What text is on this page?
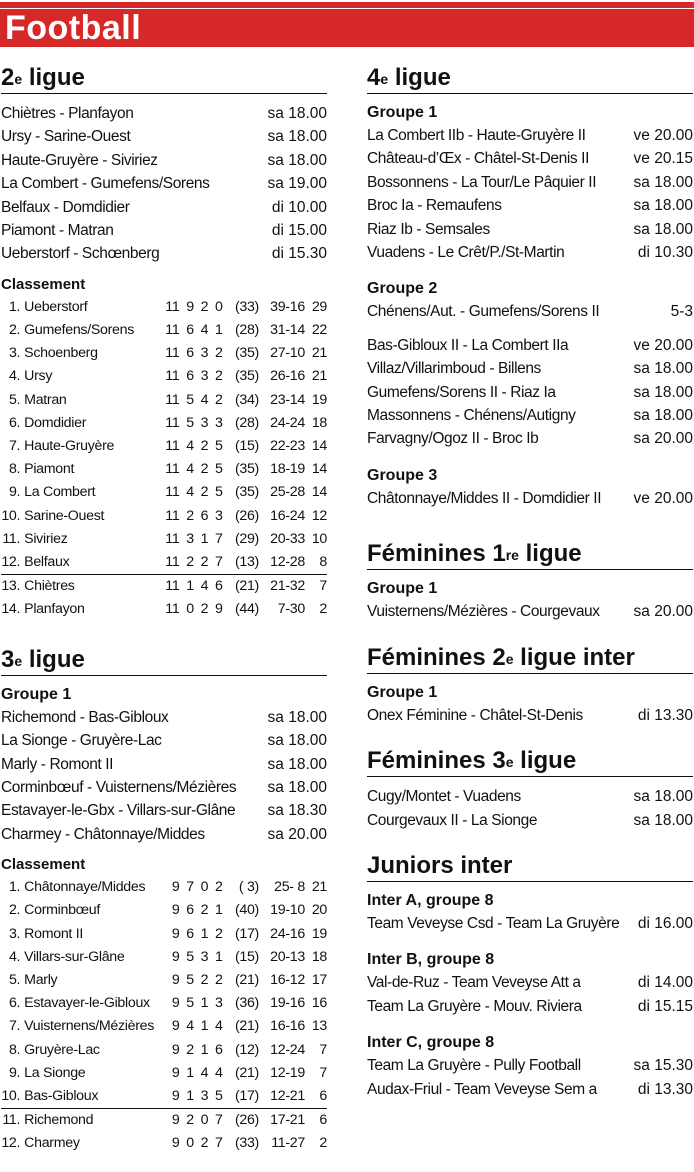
Football
2e ligue
Chiètres - Planfayon	sa 18.00
Ursy - Sarine-Ouest	sa 18.00
Haute-Gruyère - Siviriez	sa 18.00
La Combert - Gumefens/Sorens	sa 19.00
Belfaux - Domdidier	di 10.00
Piamont - Matran	di 15.00
Ueberstorf - Schœnberg	di 15.30
Classement
1. Ueberstorf	11 9 2 0 (33) 39-16 29
2. Gumefens/Sorens	11 6 4 1 (28) 31-14 22
3. Schoenberg	11 6 3 2 (35) 27-10 21
4. Ursy	11 6 3 2 (35) 26-16 21
5. Matran	11 5 4 2 (34) 23-14 19
6. Domdidier	11 5 3 3 (28) 24-24 18
7. Haute-Gruyère	11 4 2 5 (15) 22-23 14
8. Piamont	11 4 2 5 (35) 18-19 14
9. La Combert	11 4 2 5 (35) 25-28 14
10. Sarine-Ouest	11 2 6 3 (26) 16-24 12
11. Siviriez	11 3 1 7 (29) 20-33 10
12. Belfaux	11 2 2 7 (13) 12-28	8
13. Chiètres	11 1 4 6 (21) 21-32	7
14. Planfayon	11 0 2 9 (44)	7-30	2
3e ligue
Groupe 1
Richemond - Bas-Gibloux	sa 18.00
La Sionge - Gruyère-Lac	sa 18.00
Marly - Romont II	sa 18.00
Corminbœuf - Vuisternens/Mézières sa 18.00
Estavayer-le-Gbx - Villars-sur-Glâne sa 18.30
Charmey - Châtonnaye/Middes	sa 20.00
Classement
1. Châtonnaye/Middes	9 7 0 2	( 3)	25- 8 21
2. Corminbœuf	9 6 2 1 (40) 19-10 20
3. Romont II	9 6 1 2 (17) 24-16 19
4. Villars-sur-Glâne	9 5 3 1 (15) 20-13 18
5. Marly	9 5 2 2 (21) 16-12 17
6. Estavayer-le-Gibloux	9 5 1 3 (36) 19-16 16
7. Vuisternens/Mézières	9 4 1 4 (21) 16-16 13
8. Gruyère-Lac	9 2 1 6 (12) 12-24	7
9. La Sionge	9 1 4 4 (21) 12-19	7
10. Bas-Gibloux	9 1 3 5 (17) 12-21	6
11. Richemond	9 2 0 7 (26) 17-21	6
12. Charmey	9 0 2 7 (33) 11-27	2
4e ligue
Groupe 1
La Combert IIb - Haute-Gruyère II	ve 20.00
Château-d’Œx - Châtel-St-Denis II	ve 20.15
Bossonnens - La Tour/Le Pâquier II sa 18.00
Broc Ia - Remaufens	sa 18.00
Riaz Ib - Semsales	sa 18.00
Vuadens - Le Crêt/P./St-Martin	di 10.30
Groupe 2
Chénens/Aut. - Gumefens/Sorens II	5-3
Bas-Gibloux II - La Combert IIa	ve 20.00
Villaz/Villarimboud - Billens	sa 18.00
Gumefens/Sorens II - Riaz Ia	sa 18.00
Massonnens - Chénens/Autigny	sa 18.00
Farvagny/Ogoz II - Broc Ib	sa 20.00
Groupe 3
Châtonnaye/Middes II - Domdidier II ve 20.00
Féminines 1re ligue
Groupe 1
Vuisternens/Mézières - Courgevaux sa 20.00
Féminines 2e ligue inter
Groupe 1
Onex Féminine - Châtel-St-Denis	di 13.30
Féminines 3e ligue
Cugy/Montet - Vuadens	sa 18.00
Courgevaux II - La Sionge	sa 18.00
Juniors inter
Inter A, groupe 8
Team Veveyse Csd - Team La Gruyère di 16.00
Inter B, groupe 8
Val-de-Ruz - Team Veveyse Att a	di 14.00
Team La Gruyère - Mouv. Riviera	di 15.15
Inter C, groupe 8
Team La Gruyère - Pully Football	sa 15.30
Audax-Friul - Team Veveyse Sem a	di 13.30
